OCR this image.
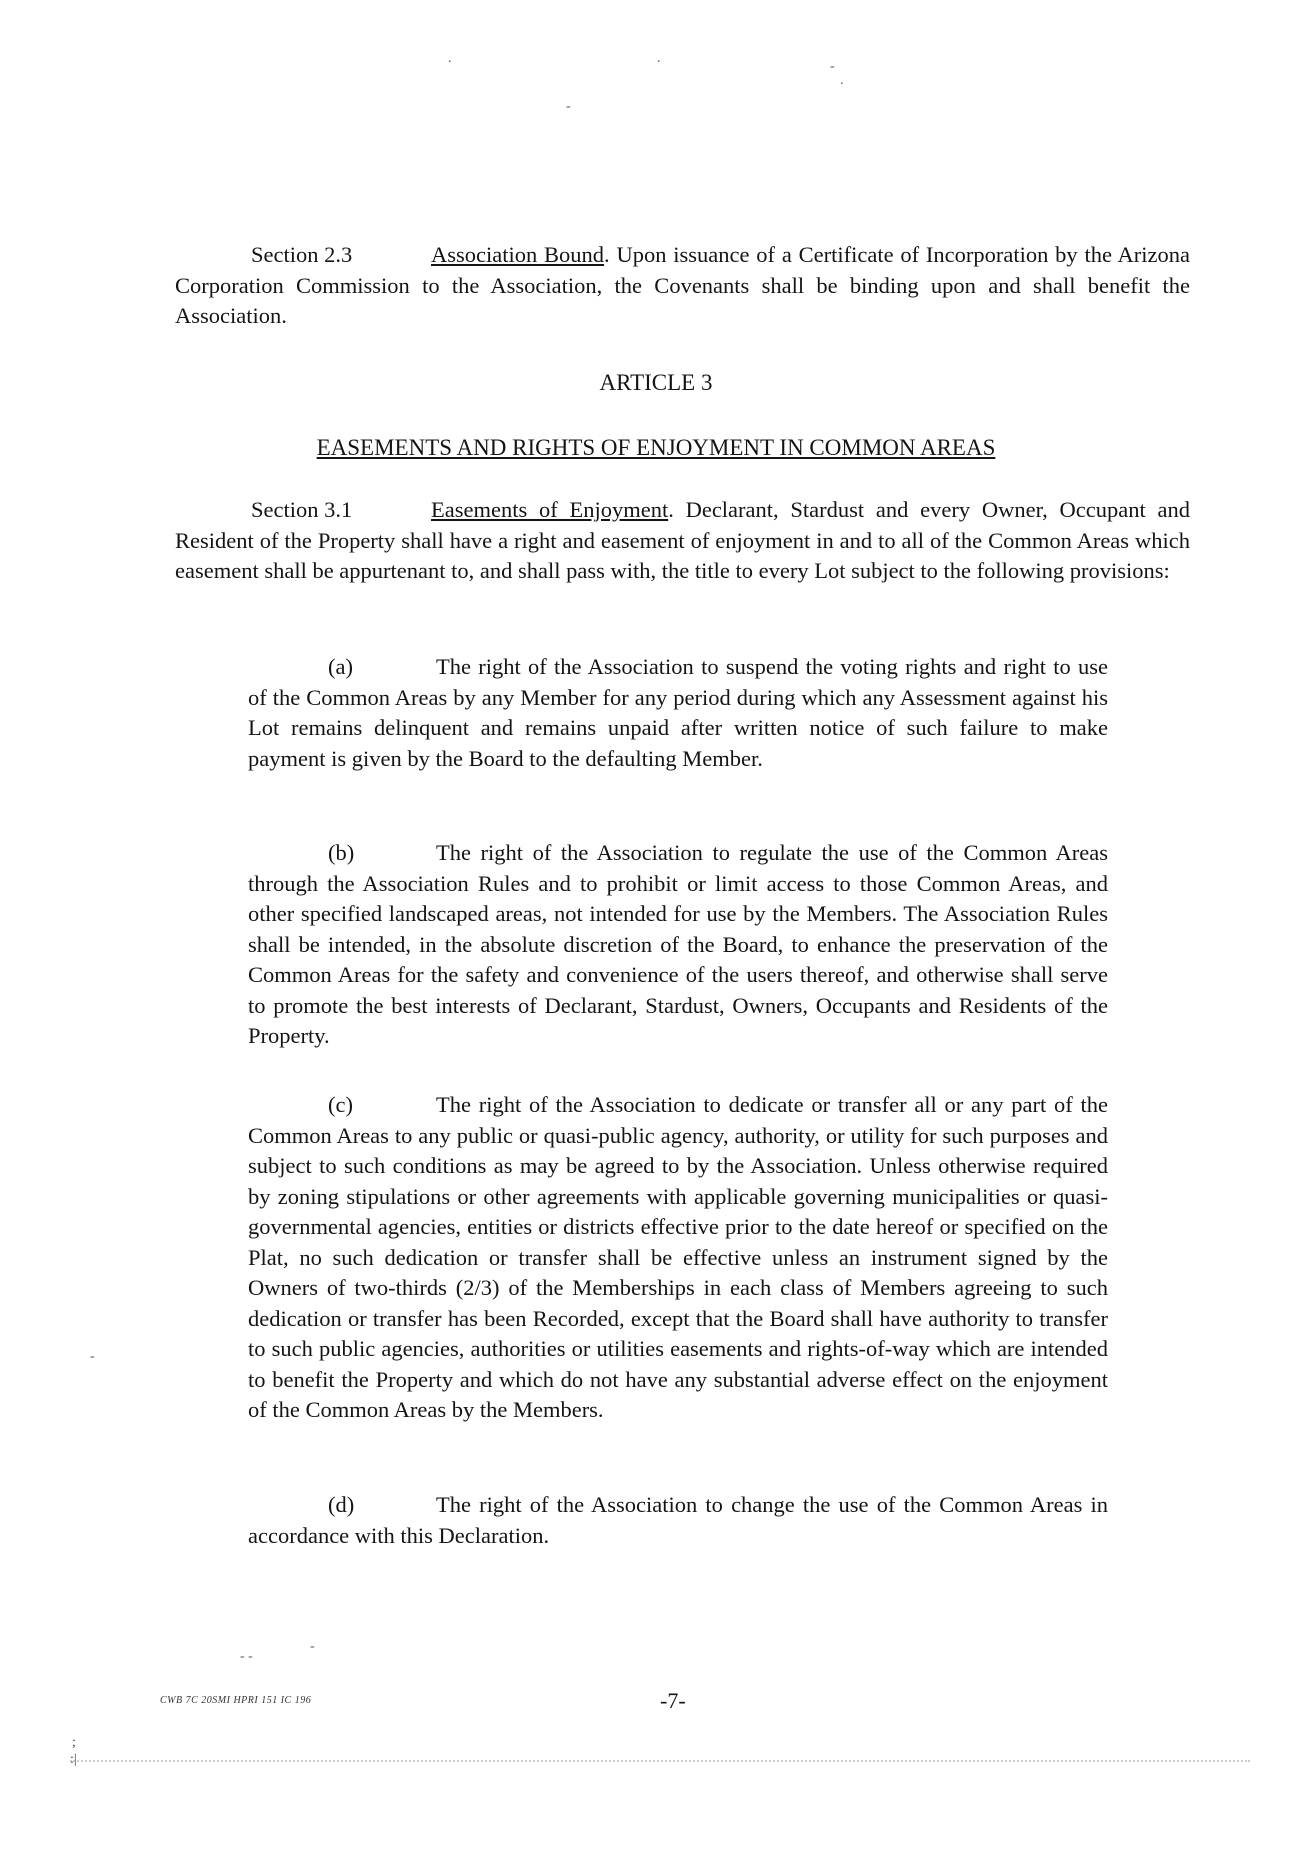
.
-
.
-
.
-
-
- -
Section 2.3	Association Bound. Upon issuance of a Certificate of Incorporation by the Arizona Corporation Commission to the Association, the Covenants shall be binding upon and shall benefit the Association.
ARTICLE 3
EASEMENTS AND RIGHTS OF ENJOYMENT IN COMMON AREAS
Section 3.1	Easements of Enjoyment. Declarant, Stardust and every Owner, Occupant and Resident of the Property shall have a right and easement of enjoyment in and to all of the Common Areas which easement shall be appurtenant to, and shall pass with, the title to every Lot subject to the following provisions:
(a)	The right of the Association to suspend the voting rights and right to use of the Common Areas by any Member for any period during which any Assessment against his Lot remains delinquent and remains unpaid after written notice of such failure to make payment is given by the Board to the defaulting Member.
(b)	The right of the Association to regulate the use of the Common Areas through the Association Rules and to prohibit or limit access to those Common Areas, and other specified landscaped areas, not intended for use by the Members. The Association Rules shall be intended, in the absolute discretion of the Board, to enhance the preservation of the Common Areas for the safety and convenience of the users thereof, and otherwise shall serve to promote the best interests of Declarant, Stardust, Owners, Occupants and Residents of the Property.
(c)	The right of the Association to dedicate or transfer all or any part of the Common Areas to any public or quasi-public agency, authority, or utility for such purposes and subject to such conditions as may be agreed to by the Association. Unless otherwise required by zoning stipulations or other agreements with applicable governing municipalities or quasi-governmental agencies, entities or districts effective prior to the date hereof or specified on the Plat, no such dedication or transfer shall be effective unless an instrument signed by the Owners of two-thirds (2/3) of the Memberships in each class of Members agreeing to such dedication or transfer has been Recorded, except that the Board shall have authority to transfer to such public agencies, authorities or utilities easements and rights-of-way which are intended to benefit the Property and which do not have any substantial adverse effect on the enjoyment of the Common Areas by the Members.
(d)	The right of the Association to change the use of the Common Areas in accordance with this Declaration.
CWB 7C 20SMI HPRI 151 IC 196	-7-
;
:|
